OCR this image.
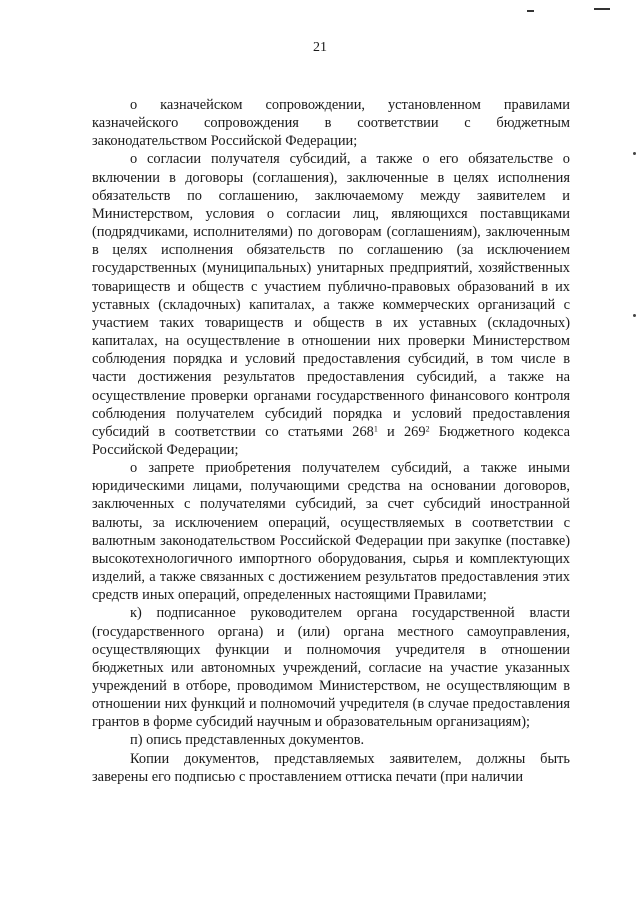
21

о казначейском сопровождении, установленном правилами казначейского сопровождения в соответствии с бюджетным законодательством Российской Федерации;

о согласии получателя субсидий, а также о его обязательстве о включении в договоры (соглашения), заключенные в целях исполнения обязательств по соглашению, заключаемому между заявителем и Министерством, условия о согласии лиц, являющихся поставщиками (подрядчиками, исполнителями) по договорам (соглашениям), заключенным в целях исполнения обязательств по соглашению (за исключением государственных (муниципальных) унитарных предприятий, хозяйственных товариществ и обществ с участием публично-правовых образований в их уставных (складочных) капиталах, а также коммерческих организаций с участием таких товариществ и обществ в их уставных (складочных) капиталах, на осуществление в отношении них проверки Министерством соблюдения порядка и условий предоставления субсидий, в том числе в части достижения результатов предоставления субсидий, а также на осуществление проверки органами государственного финансового контроля соблюдения получателем субсидий порядка и условий предоставления субсидий в соответствии со статьями $268^1$ и $269^2$ Бюджетного кодекса Российской Федерации;

о запрете приобретения получателем субсидий, а также иными юридическими лицами, получающими средства на основании договоров, заключенных с получателями субсидий, за счет субсидий иностранной валюты, за исключением операций, осуществляемых в соответствии с валютным законодательством Российской Федерации при закупке (поставке) высокотехнологичного импортного оборудования, сырья и комплектующих изделий, а также связанных с достижением результатов предоставления этих средств иных операций, определенных настоящими Правилами;

к) подписанное руководителем органа государственной власти (государственного органа) и (или) органа местного самоуправления, осуществляющих функции и полномочия учредителя в отношении бюджетных или автономных учреждений, согласие на участие указанных учреждений в отборе, проводимом Министерством, не осуществляющим в отношении них функций и полномочий учредителя (в случае предоставления грантов в форме субсидий научным и образовательным организациям);

п) опись представленных документов.

Копии документов, представляемых заявителем, должны быть заверены его подписью с проставлением оттиска печати (при наличии
